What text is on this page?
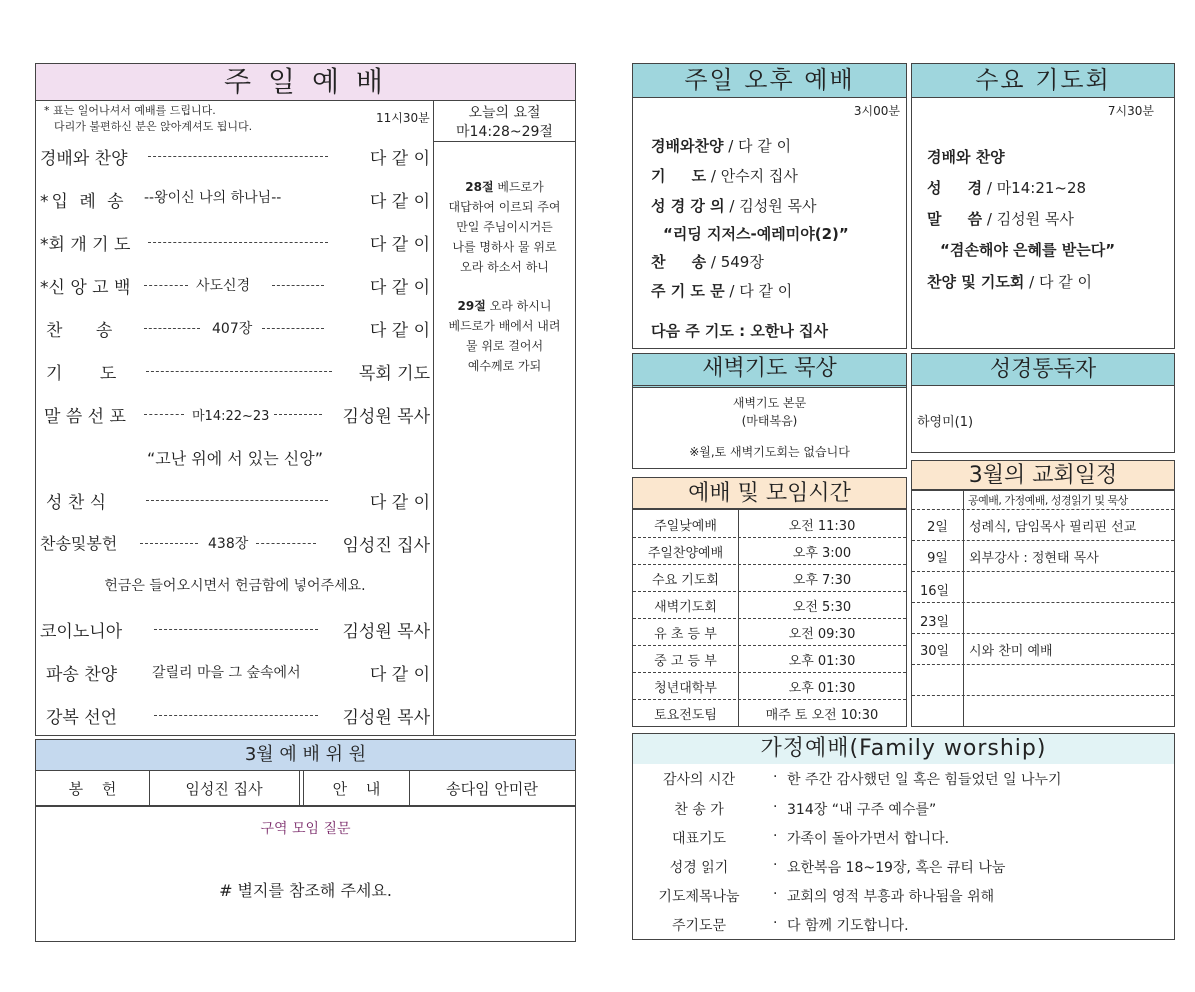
주 일 예 배
* 표는 일어나셔서 예배를 드립니다.
다리가 불편하신 분은 앉아계셔도 됩니다.
11시30분	오늘의 요절
마14:28~29절
28절 베드로가
대답하여 이르되 주여
만일 주님이시거든
나를 명하사 물 위로
오라 하소서 하니
29절 오라 하시니
베드로가 배에서 내려
물 위로 걸어서
예수께로 가되
경배와 찬양	다 같 이
*입 례 송 --왕이신 나의 하나님--	다 같 이
*회 개 기 도	다 같 이
*신 앙 고 백	사도신경	다 같 이
찬 송	407장	다 같 이
기 도	목회 기도
말 씀 선 포	마14:22~23	김성원 목사
“고난 위에 서 있는 신앙”
성 찬 식	다 같 이
찬송및봉헌	438장	임성진 집사
헌금은 들어오시면서 헌금함에 넣어주세요.
코이노니아	김성원 목사
파송 찬양 갈릴리 마을 그 숲속에서	다 같 이
강복 선언	김성원 목사
3월 예 배 위 원
봉 헌	임성진 집사	안 내	송다임 안미란
구역 모임 질문
# 별지를 참조해 주세요.
주일 오후 예배
3시00분
경배와찬양 / 다 같 이
기     도 / 안수지 집사
성 경 강 의 / 김성원 목사
“리딩 지저스-예레미야(2)”
찬     송 / 549장
주 기 도 문 / 다 같 이
다음 주 기도 : 오한나 집사
수요 기도회
7시30분
경배와 찬양
성     경 / 마14:21~28
말     씀 / 김성원 목사
“겸손해야 은혜를 받는다”
찬양 및 기도회 / 다 같 이
새벽기도 묵상
새벽기도 본문
(마태복음)
※월,토 새벽기도회는 없습니다
성경통독자
하영미(1)
예배 및 모임시간
주일낮예배	오전 11:30
주일찬양예배	오후 3:00
수요 기도회	오후 7:30
새벽기도회	오전 5:30
유 초 등 부	오전 09:30
중 고 등 부	오후 01:30
청년대학부	오후 01:30
토요전도팀	매주 토 오전 10:30
3월의 교회일정
공예배, 가정예배, 성경읽기 및 묵상
2일	성례식, 담임목사 필리핀 선교
9일	외부강사 : 정현태 목사
16일
23일
30일 시와 찬미 예배
가정예배(Family worship)
감사의 시간	· 한 주간 감사했던 일 혹은 힘들었던 일 나누기
찬 송 가	· 314장 “내 구주 예수를”
대표기도	· 가족이 돌아가면서 합니다.
성경 읽기	· 요한복음 18~19장, 혹은 큐티 나눔
기도제목나눔	· 교회의 영적 부흥과 하나됨을 위해
주기도문	· 다 함께 기도합니다.
